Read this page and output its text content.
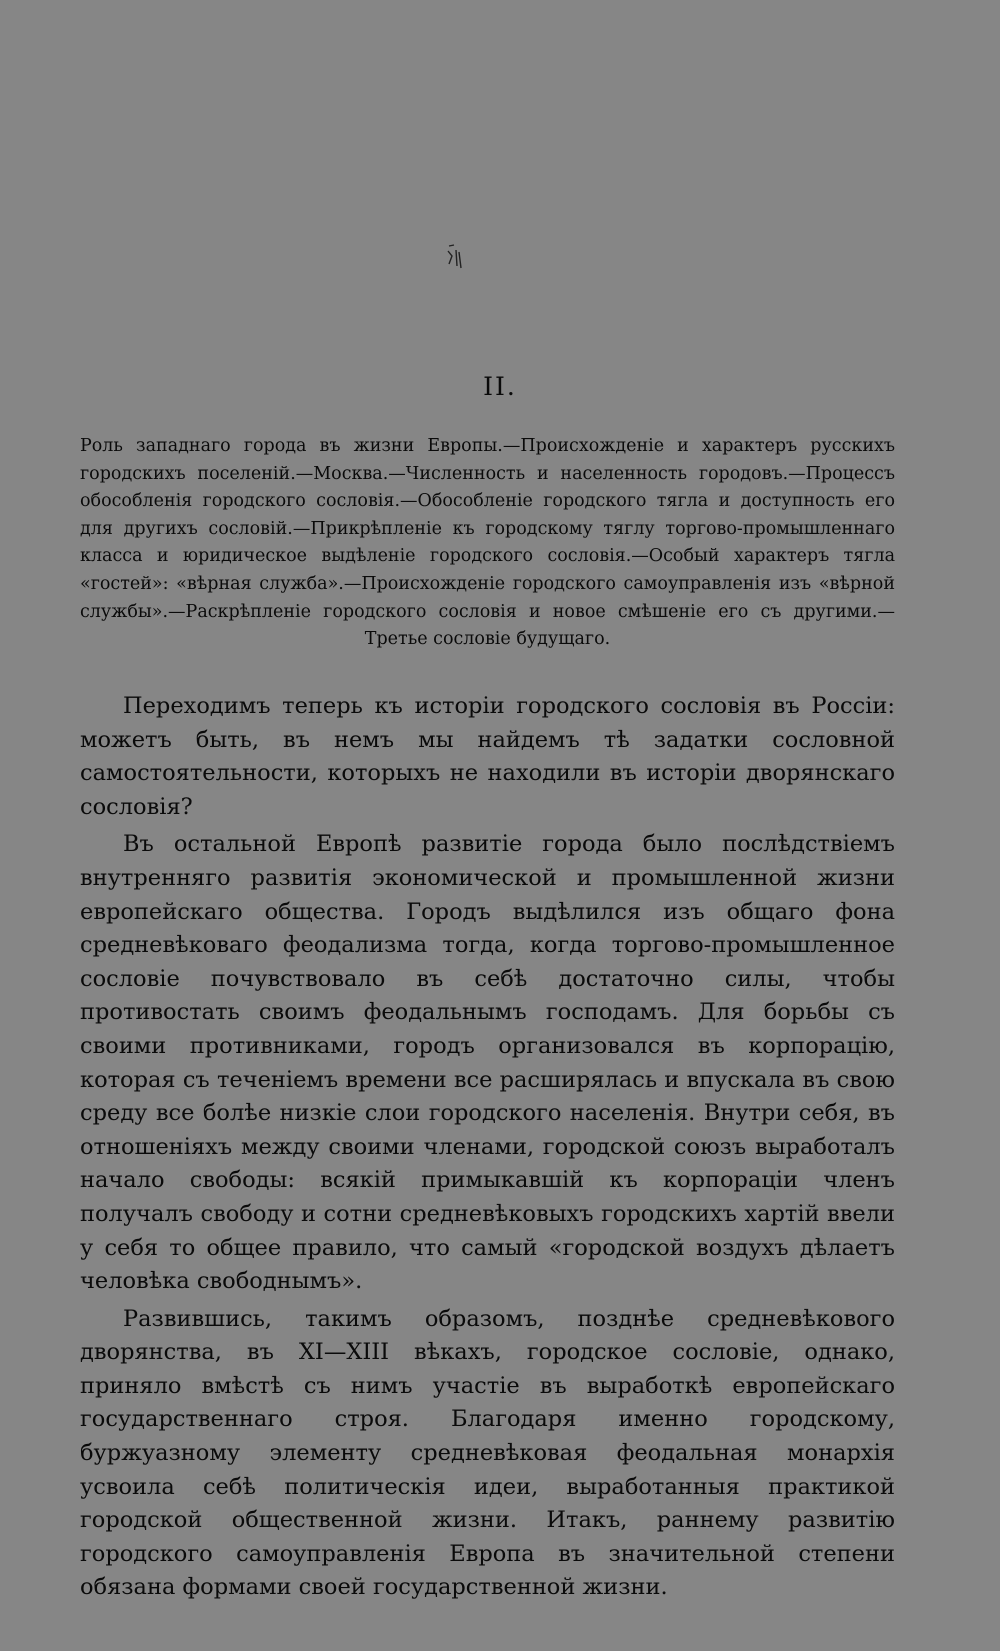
II.
Роль западнаго города въ жизни Европы.—Происхожденіе и характеръ русскихъ городскихъ поселеній.—Москва.—Численность и населенность городовъ.—Процессъ обособленія городского сословія.—Обособленіе городского тягла и доступность его для другихъ сословій.—Прикрѣпленіе къ городскому тяглу торгово-промышленнаго класса и юридическое выдѣленіе городского сословія.—Особый характеръ тягла «гостей»: «вѣрная служба».—Происхожденіе городского самоуправленія изъ «вѣрной службы».—Раскрѣпленіе городского сословія и новое смѣшеніе его съ другими.—Третье сословіе будущаго.

Переходимъ теперь къ исторіи городского сословія въ Россіи: можетъ быть, въ немъ мы найдемъ тѣ задатки сословной самостоятельности, которыхъ не находили въ исторіи дворянскаго сословія?

Въ остальной Европѣ развитіе города было послѣдствіемъ внутренняго развитія экономической и промышленной жизни европейскаго общества. Городъ выдѣлился изъ общаго фона средневѣковаго феодализма тогда, когда торгово-промышленное сословіе почувствовало въ себѣ достаточно силы, чтобы противостать своимъ феодальнымъ господамъ. Для борьбы съ своими противниками, городъ организовался въ корпорацію, которая съ теченіемъ времени все расширялась и впускала въ свою среду все болѣе низкіе слои городского населенія. Внутри себя, въ отношеніяхъ между своими членами, городской союзъ выработалъ начало свободы: всякій примыкавшій къ корпораціи членъ получалъ свободу и сотни средневѣковыхъ городскихъ хартій ввели у себя то общее правило, что самый «городской воздухъ дѣлаетъ человѣка свободнымъ».

Развившись, такимъ образомъ, позднѣе средневѣкового дворянства, въ XI—XIII вѣкахъ, городское сословіе, однако, приняло вмѣстѣ съ нимъ участіе въ выработкѣ европейскаго государственнаго строя. Благодаря именно городскому, буржуазному элементу средневѣковая феодальная монархія усвоила себѣ политическія идеи, выработанныя практикой городской общественной жизни. Итакъ, раннему развитію городского самоуправленія Европа въ значительной степени обязана формами своей государственной жизни.
